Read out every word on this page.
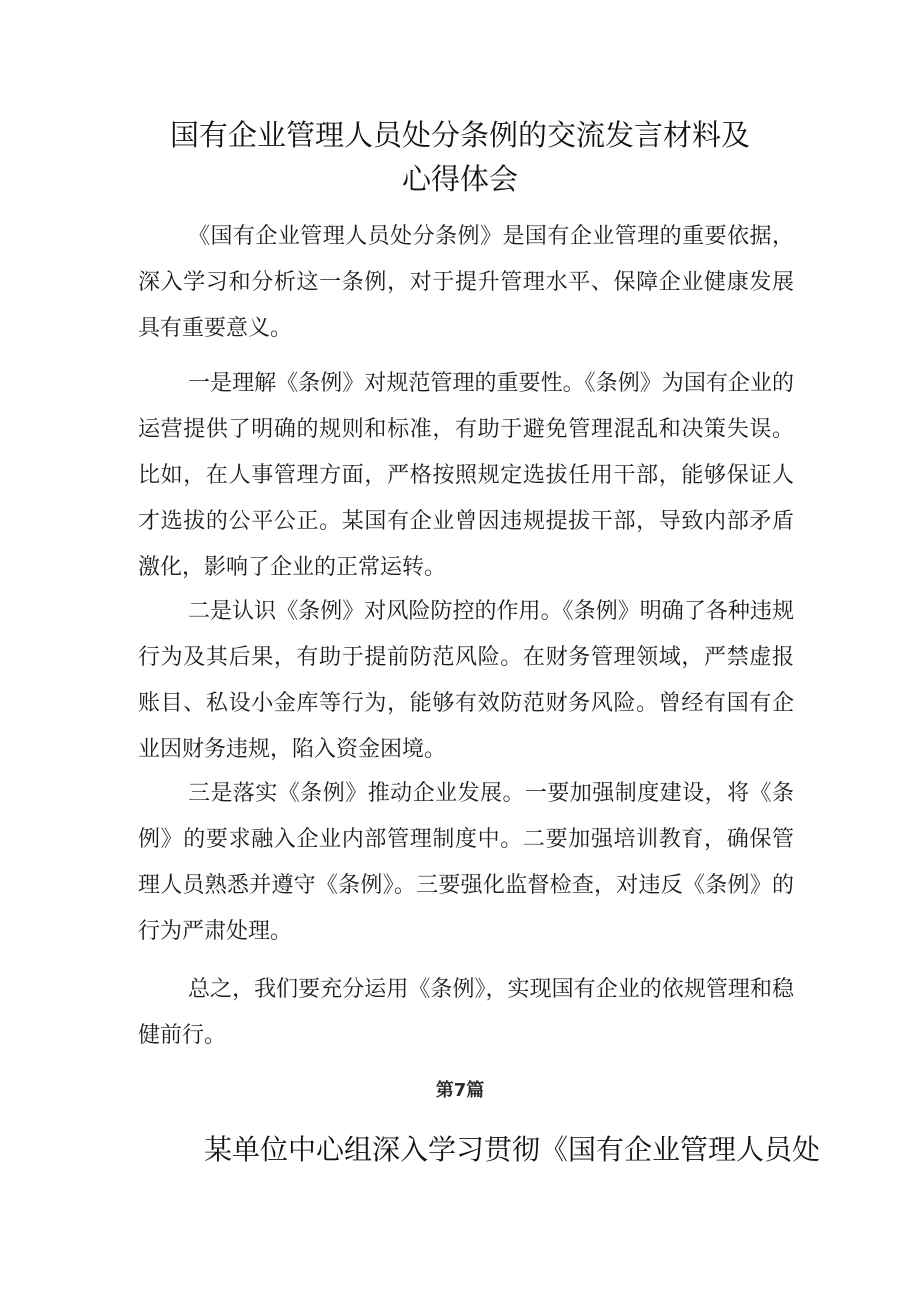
国有企业管理人员处分条例的交流发言材料及
心得体会

《国有企业管理人员处分条例》是国有企业管理的重要依据，深入学习和分析这一条例，对于提升管理水平、保障企业健康发展具有重要意义。

一是理解《条例》对规范管理的重要性。《条例》为国有企业的运营提供了明确的规则和标准，有助于避免管理混乱和决策失误。比如，在人事管理方面，严格按照规定选拔任用干部，能够保证人才选拔的公平公正。某国有企业曾因违规提拔干部，导致内部矛盾激化，影响了企业的正常运转。

二是认识《条例》对风险防控的作用。《条例》明确了各种违规行为及其后果，有助于提前防范风险。在财务管理领域，严禁虚报账目、私设小金库等行为，能够有效防范财务风险。曾经有国有企业因财务违规，陷入资金困境。

三是落实《条例》推动企业发展。一要加强制度建设，将《条例》的要求融入企业内部管理制度中。二要加强培训教育，确保管理人员熟悉并遵守《条例》。三要强化监督检查，对违反《条例》的行为严肃处理。

总之，我们要充分运用《条例》，实现国有企业的依规管理和稳健前行。

第7篇
某单位中心组深入学习贯彻《国有企业管理人员处
